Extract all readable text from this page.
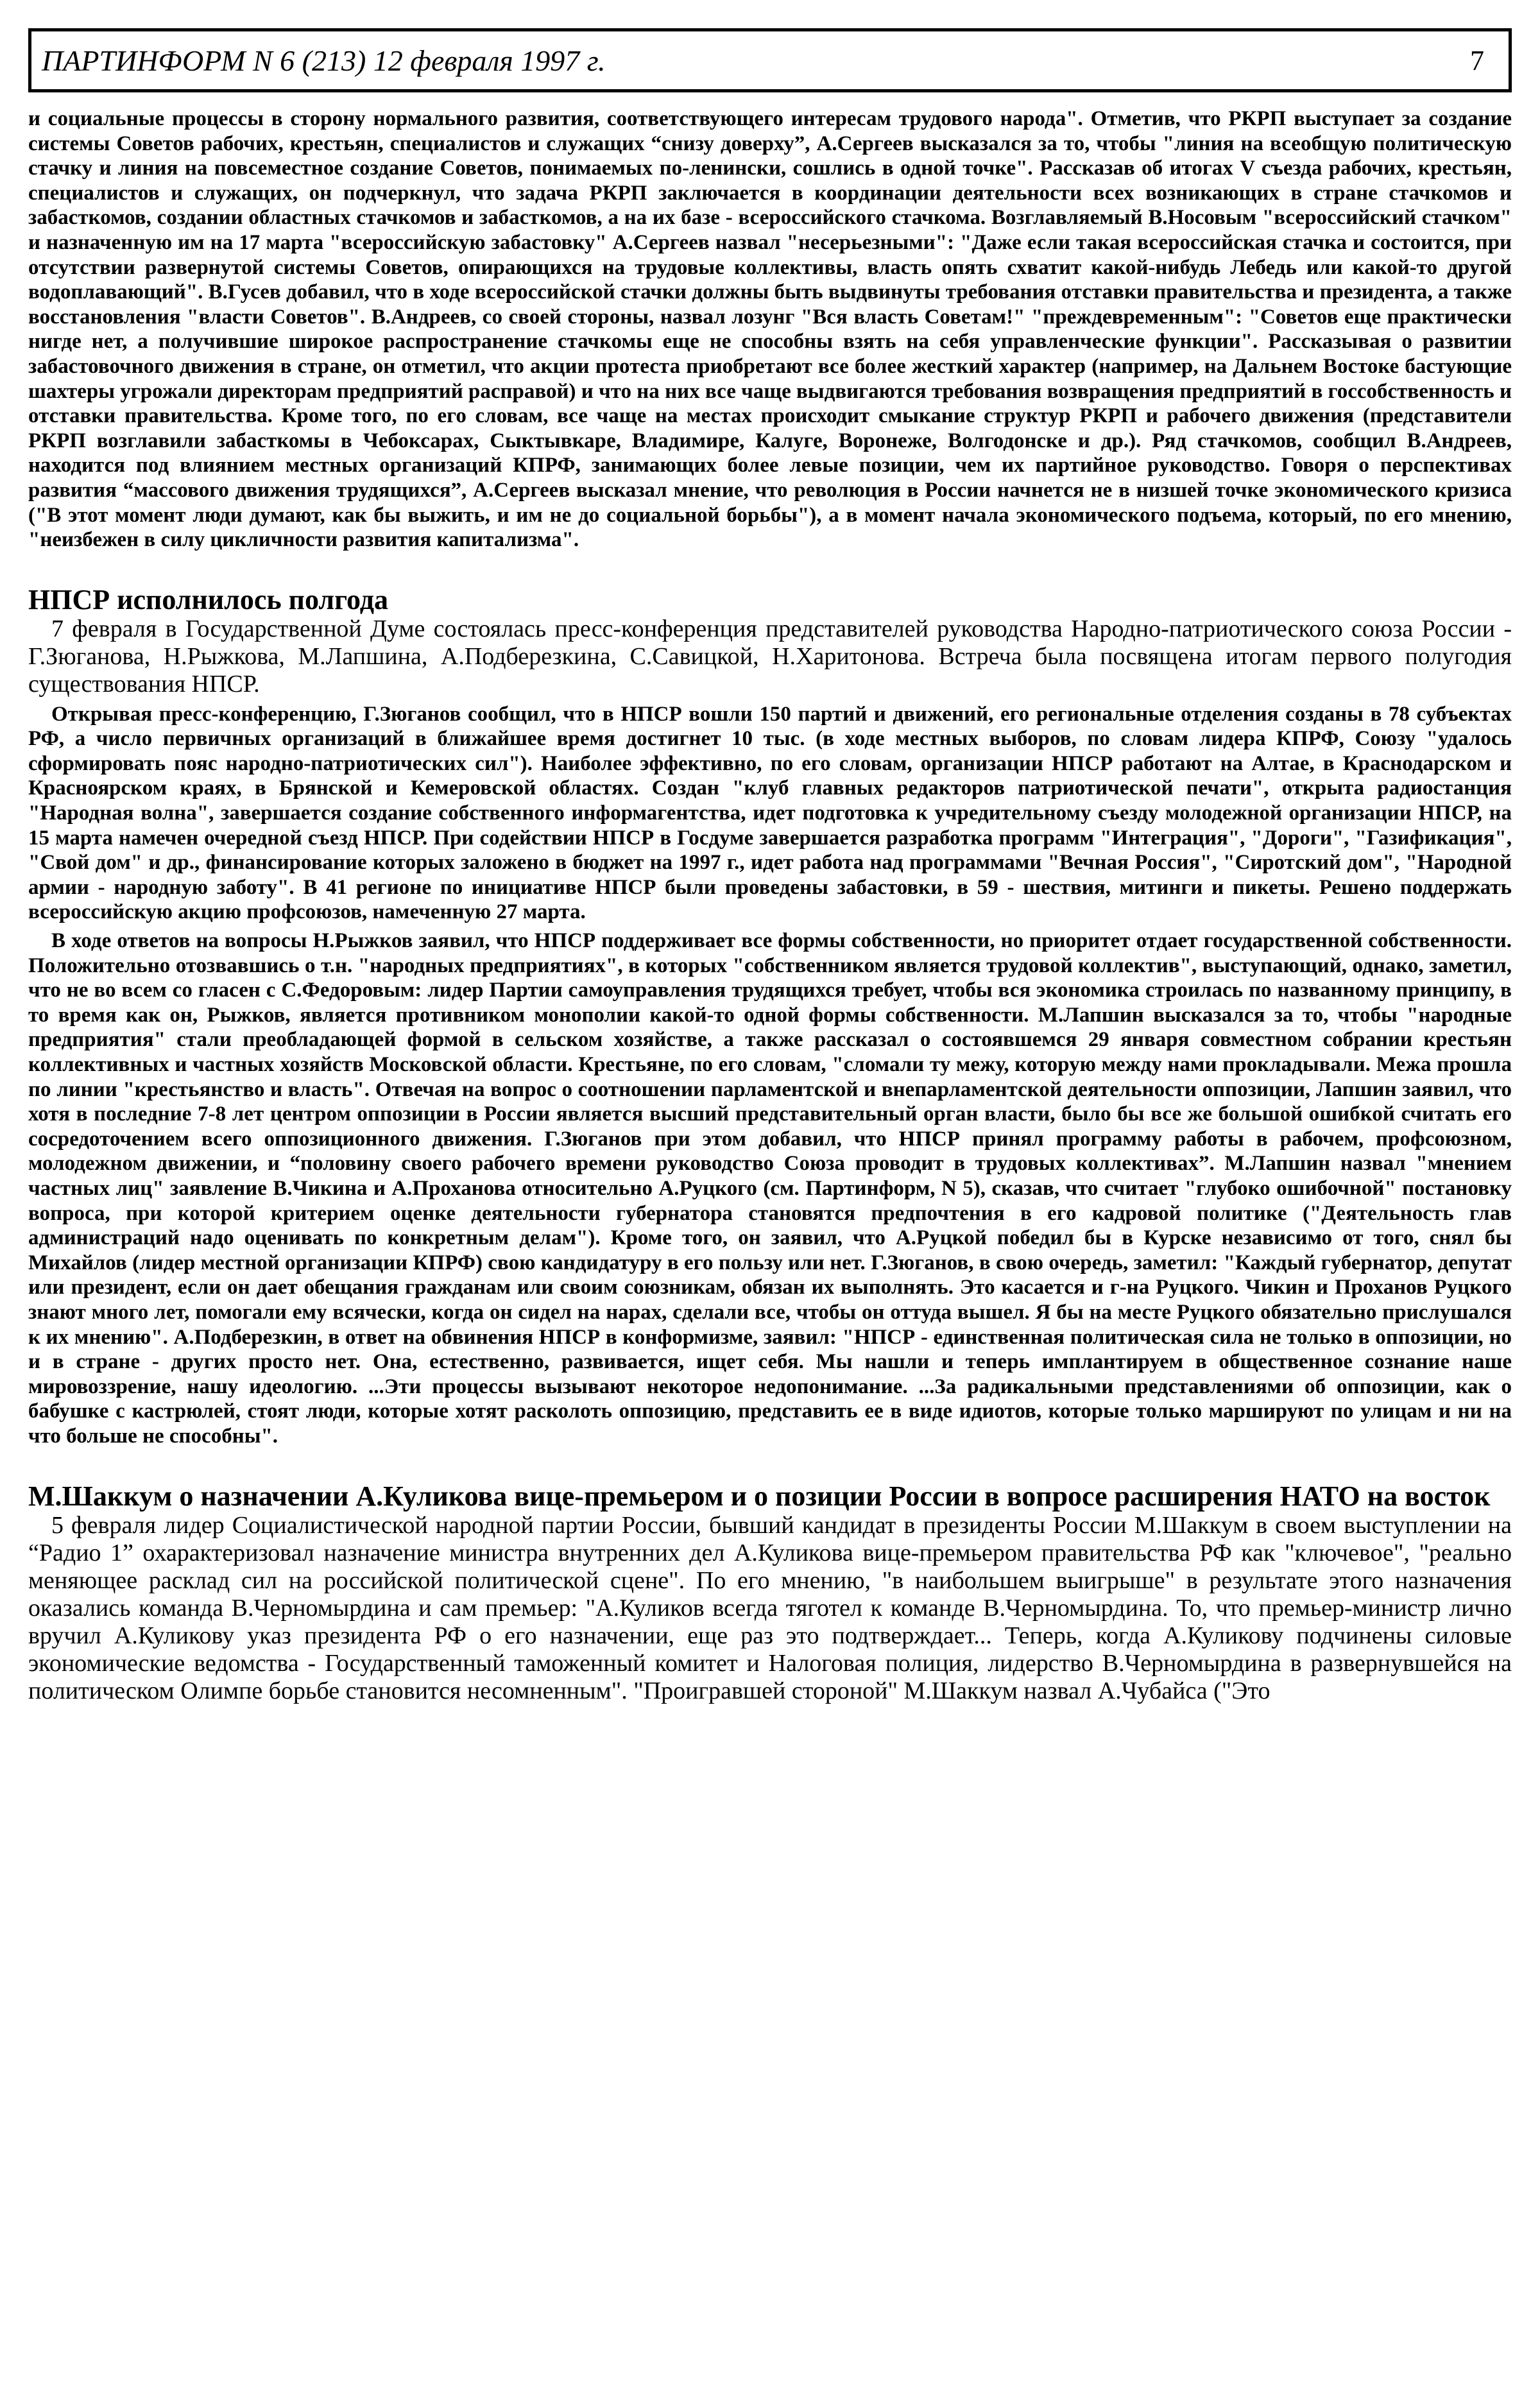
ПАРТИНФОРМ N 6 (213) 12 февраля 1997 г.	7

и социальные процессы в сторону нормального развития, соответствующего интересам трудового народа". Отметив, что РКРП выступает за создание системы Советов рабочих, крестьян, специалистов и служащих “снизу доверху”, А.Сергеев высказался за то, чтобы "линия на всеобщую политическую стачку и линия на повсеместное создание Советов, понимаемых по-ленински, сошлись в одной точке". Рассказав об итогах V съезда рабочих, крестьян, специалистов и служащих, он подчеркнул, что задача РКРП заключается в координации деятельности всех возникающих в стране стачкомов и забасткомов, создании областных стачкомов и забасткомов, а на их базе - всероссийского стачкома. Возглавляемый В.Носовым "всероссийский стачком" и назначенную им на 17 марта "всероссийскую забастовку" А.Сергеев назвал "несерьезными": "Даже если такая всероссийская стачка и состоится, при отсутствии развернутой системы Советов, опирающихся на трудовые коллективы, власть опять схватит какой-нибудь Лебедь или какой-то другой водоплавающий". В.Гусев добавил, что в ходе всероссийской стачки должны быть выдвинуты требования отставки правительства и президента, а также восстановления "власти Советов". В.Андреев, со своей стороны, назвал лозунг "Вся власть Советам!" "преждевременным": "Советов еще практически нигде нет, а получившие широкое распространение стачкомы еще не способны взять на себя управленческие функции". Рассказывая о развитии забастовочного движения в стране, он отметил, что акции протеста приобретают все более жесткий характер (например, на Дальнем Востоке бастующие шахтеры угрожали директорам предприятий расправой) и что на них все чаще выдвигаются требования возвращения предприятий в госсобственность и отставки правительства. Кроме того, по его словам, все чаще на местах происходит смыкание структур РКРП и рабочего движения (представители РКРП возглавили забасткомы в Чебоксарах, Сыктывкаре, Владимире, Калуге, Воронеже, Волгодонске и др.). Ряд стачкомов, сообщил В.Андреев, находится под влиянием местных организаций КПРФ, занимающих более левые позиции, чем их партийное руководство. Говоря о перспективах развития “массового движения трудящихся”, А.Сергеев высказал мнение, что революция в России начнется не в низшей точке экономического кризиса ("В этот момент люди думают, как бы выжить, и им не до социальной борьбы"), а в момент начала экономического подъема, который, по его мнению, "неизбежен в силу цикличности развития капитализма".

НПСР исполнилось полгода

7 февраля в Государственной Думе состоялась пресс-конференция представителей руководства Народно-патриотического союза России - Г.Зюганова, Н.Рыжкова, М.Лапшина, А.Подберезкина, С.Савицкой, Н.Харитонова. Встреча была посвящена итогам первого полугодия существования НПСР.

Открывая пресс-конференцию, Г.Зюганов сообщил, что в НПСР вошли 150 партий и движений, его региональные отделения созданы в 78 субъектах РФ, а число первичных организаций в ближайшее время достигнет 10 тыс. (в ходе местных выборов, по словам лидера КПРФ, Союзу "удалось сформировать пояс народно-патриотических сил"). Наиболее эффективно, по его словам, организации НПСР работают на Алтае, в Краснодарском и Красноярском краях, в Брянской и Кемеровской областях. Создан "клуб главных редакторов патриотической печати", открыта радиостанция "Народная волна", завершается создание собственного информагентства, идет подготовка к учредительному съезду молодежной организации НПСР, на 15 марта намечен очередной съезд НПСР. При содействии НПСР в Госдуме завершается разработка программ "Интеграция", "Дороги", "Газификация", "Свой дом" и др., финансирование которых заложено в бюджет на 1997 г., идет работа над программами "Вечная Россия", "Сиротский дом", "Народной армии - народную заботу". В 41 регионе по инициативе НПСР были проведены забастовки, в 59 - шествия, митинги и пикеты. Решено поддержать всероссийскую акцию профсоюзов, намеченную 27 марта.

В ходе ответов на вопросы Н.Рыжков заявил, что НПСР поддерживает все формы собственности, но приоритет отдает государственной собственности. Положительно отозвавшись о т.н. "народных предприятиях", в которых "собственником является трудовой коллектив", выступающий, однако, заметил, что не во всем со гласен с С.Федоровым: лидер Партии самоуправления трудящихся требует, чтобы вся экономика строилась по названному принципу, в то время как он, Рыжков, является противником монополии какой-то одной формы собственности. М.Лапшин высказался за то, чтобы "народные предприятия" стали преобладающей формой в сельском хозяйстве, а также рассказал о состоявшемся 29 января совместном собрании крестьян коллективных и частных хозяйств Московской области. Крестьяне, по его словам, "сломали ту межу, которую между нами прокладывали. Межа прошла по линии "крестьянство и власть". Отвечая на вопрос о соотношении парламентской и внепарламентской деятельности оппозиции, Лапшин заявил, что хотя в последние 7-8 лет центром оппозиции в России является высший представительный орган власти, было бы все же большой ошибкой считать его сосредоточением всего оппозиционного движения. Г.Зюганов при этом добавил, что НПСР принял программу работы в рабочем, профсоюзном, молодежном движении, и “половину своего рабочего времени руководство Союза проводит в трудовых коллективах”. М.Лапшин назвал "мнением частных лиц" заявление В.Чикина и А.Проханова относительно А.Руцкого (см. Партинформ, N 5), сказав, что считает "глубоко ошибочной" постановку вопроса, при которой критерием оценке деятельности губернатора становятся предпочтения в его кадровой политике ("Деятельность глав администраций надо оценивать по конкретным делам"). Кроме того, он заявил, что А.Руцкой победил бы в Курске независимо от того, снял бы Михайлов (лидер местной организации КПРФ) свою кандидатуру в его пользу или нет. Г.Зюганов, в свою очередь, заметил: "Каждый губернатор, депутат или президент, если он дает обещания гражданам или своим союзникам, обязан их выполнять. Это касается и г-на Руцкого. Чикин и Проханов Руцкого знают много лет, помогали ему всячески, когда он сидел на нарах, сделали все, чтобы он оттуда вышел. Я бы на месте Руцкого обязательно прислушался к их мнению". А.Подберезкин, в ответ на обвинения НПСР в конформизме, заявил: "НПСР - единственная политическая сила не только в оппозиции, но и в стране - других просто нет. Она, естественно, развивается, ищет себя. Мы нашли и теперь имплантируем в общественное сознание наше мировоззрение, нашу идеологию. ...Эти процессы вызывают некоторое недопонимание. ...За радикальными представлениями об оппозиции, как о бабушке с кастрюлей, стоят люди, которые хотят расколоть оппозицию, представить ее в виде идиотов, которые только маршируют по улицам и ни на что больше не способны".

М.Шаккум о назначении А.Куликова вице-премьером и о позиции России в вопросе расширения НАТО на восток

5 февраля лидер Социалистической народной партии России, бывший кандидат в президенты России М.Шаккум в своем выступлении на “Радио 1” охарактеризовал назначение министра внутренних дел А.Куликова вице-премьером правительства РФ как "ключевое", "реально меняющее расклад сил на российской политической сцене". По его мнению, "в наибольшем выигрыше" в результате этого назначения оказались команда В.Черномырдина и сам премьер: "А.Куликов всегда тяготел к команде В.Черномырдина. То, что премьер-министр лично вручил А.Куликову указ президента РФ о его назначении, еще раз это подтверждает... Теперь, когда А.Куликову подчинены силовые экономические ведомства - Государственный таможенный комитет и Налоговая полиция, лидерство В.Черномырдина в развернувшейся на политическом Олимпе борьбе становится несомненным". "Проигравшей стороной" М.Шаккум назвал А.Чубайса ("Это
